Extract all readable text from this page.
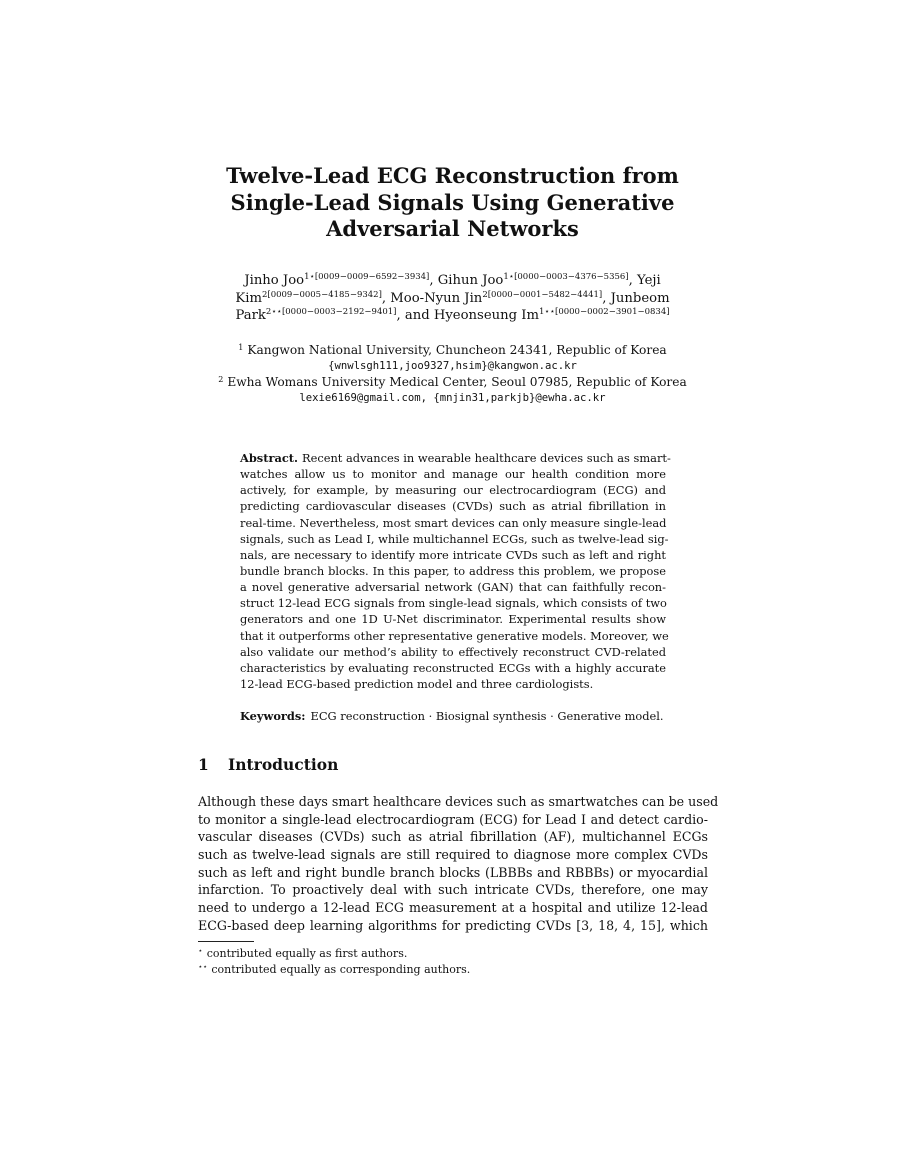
Twelve-Lead ECG Reconstruction from
Single-Lead Signals Using Generative
Adversarial Networks
Jinho Joo$^{1⋆[0009-0009-6592-3934]}$, Gihun Joo$^{1⋆[0000-0003-4376-5356]}$, Yeji
Kim$^{2[0009-0005-4185-9342]}$, Moo-Nyun Jin$^{2[0000-0001-5482-4441]}$, Junbeom
Park$^{2⋆⋆[0000-0003-2192-9401]}$, and Hyeonseung $Im^{1⋆⋆[0000-0002-3901-0834]}$
$^1$ Kangwon National University, Chuncheon 24341, Republic of Korea
{wnwlsgh111,joo9327,hsim}@kangwon.ac.kr
$^2$ Ewha Womans University Medical Center, Seoul 07985, Republic of Korea
lexie6169@gmail.com, {mnjin31,parkjb}@ewha.ac.kr
Abstract. Recent advances in wearable healthcare devices such as smart-
watches allow us to monitor and manage our health condition more
actively, for example, by measuring our electrocardiogram (ECG) and
predicting cardiovascular diseases (CVDs) such as atrial fibrillation in
real-time. Nevertheless, most smart devices can only measure single-lead
signals, such as Lead I, while multichannel ECGs, such as twelve-lead sig-
nals, are necessary to identify more intricate CVDs such as left and right
bundle branch blocks. In this paper, to address this problem, we propose
a novel generative adversarial network (GAN) that can faithfully recon-
struct 12-lead ECG signals from single-lead signals, which consists of two
generators and one 1D U-Net discriminator. Experimental results show
that it outperforms other representative generative models. Moreover, we
also validate our method’s ability to effectively reconstruct CVD-related
characteristics by evaluating reconstructed ECGs with a highly accurate
12-lead ECG-based prediction model and three cardiologists.
Keywords: ECG reconstruction · Biosignal synthesis · Generative model.
1 Introduction
Although these days smart healthcare devices such as smartwatches can be used
to monitor a single-lead electrocardiogram (ECG) for Lead I and detect cardio-
vascular diseases (CVDs) such as atrial fibrillation (AF), multichannel ECGs
such as twelve-lead signals are still required to diagnose more complex CVDs
such as left and right bundle branch blocks (LBBBs and RBBBs) or myocardial
infarction. To proactively deal with such intricate CVDs, therefore, one may
need to undergo a 12-lead ECG measurement at a hospital and utilize 12-lead
ECG-based deep learning algorithms for predicting CVDs [3, 18, 4, 15], which
⋆ contributed equally as first authors.
⋆⋆ contributed equally as corresponding authors.
